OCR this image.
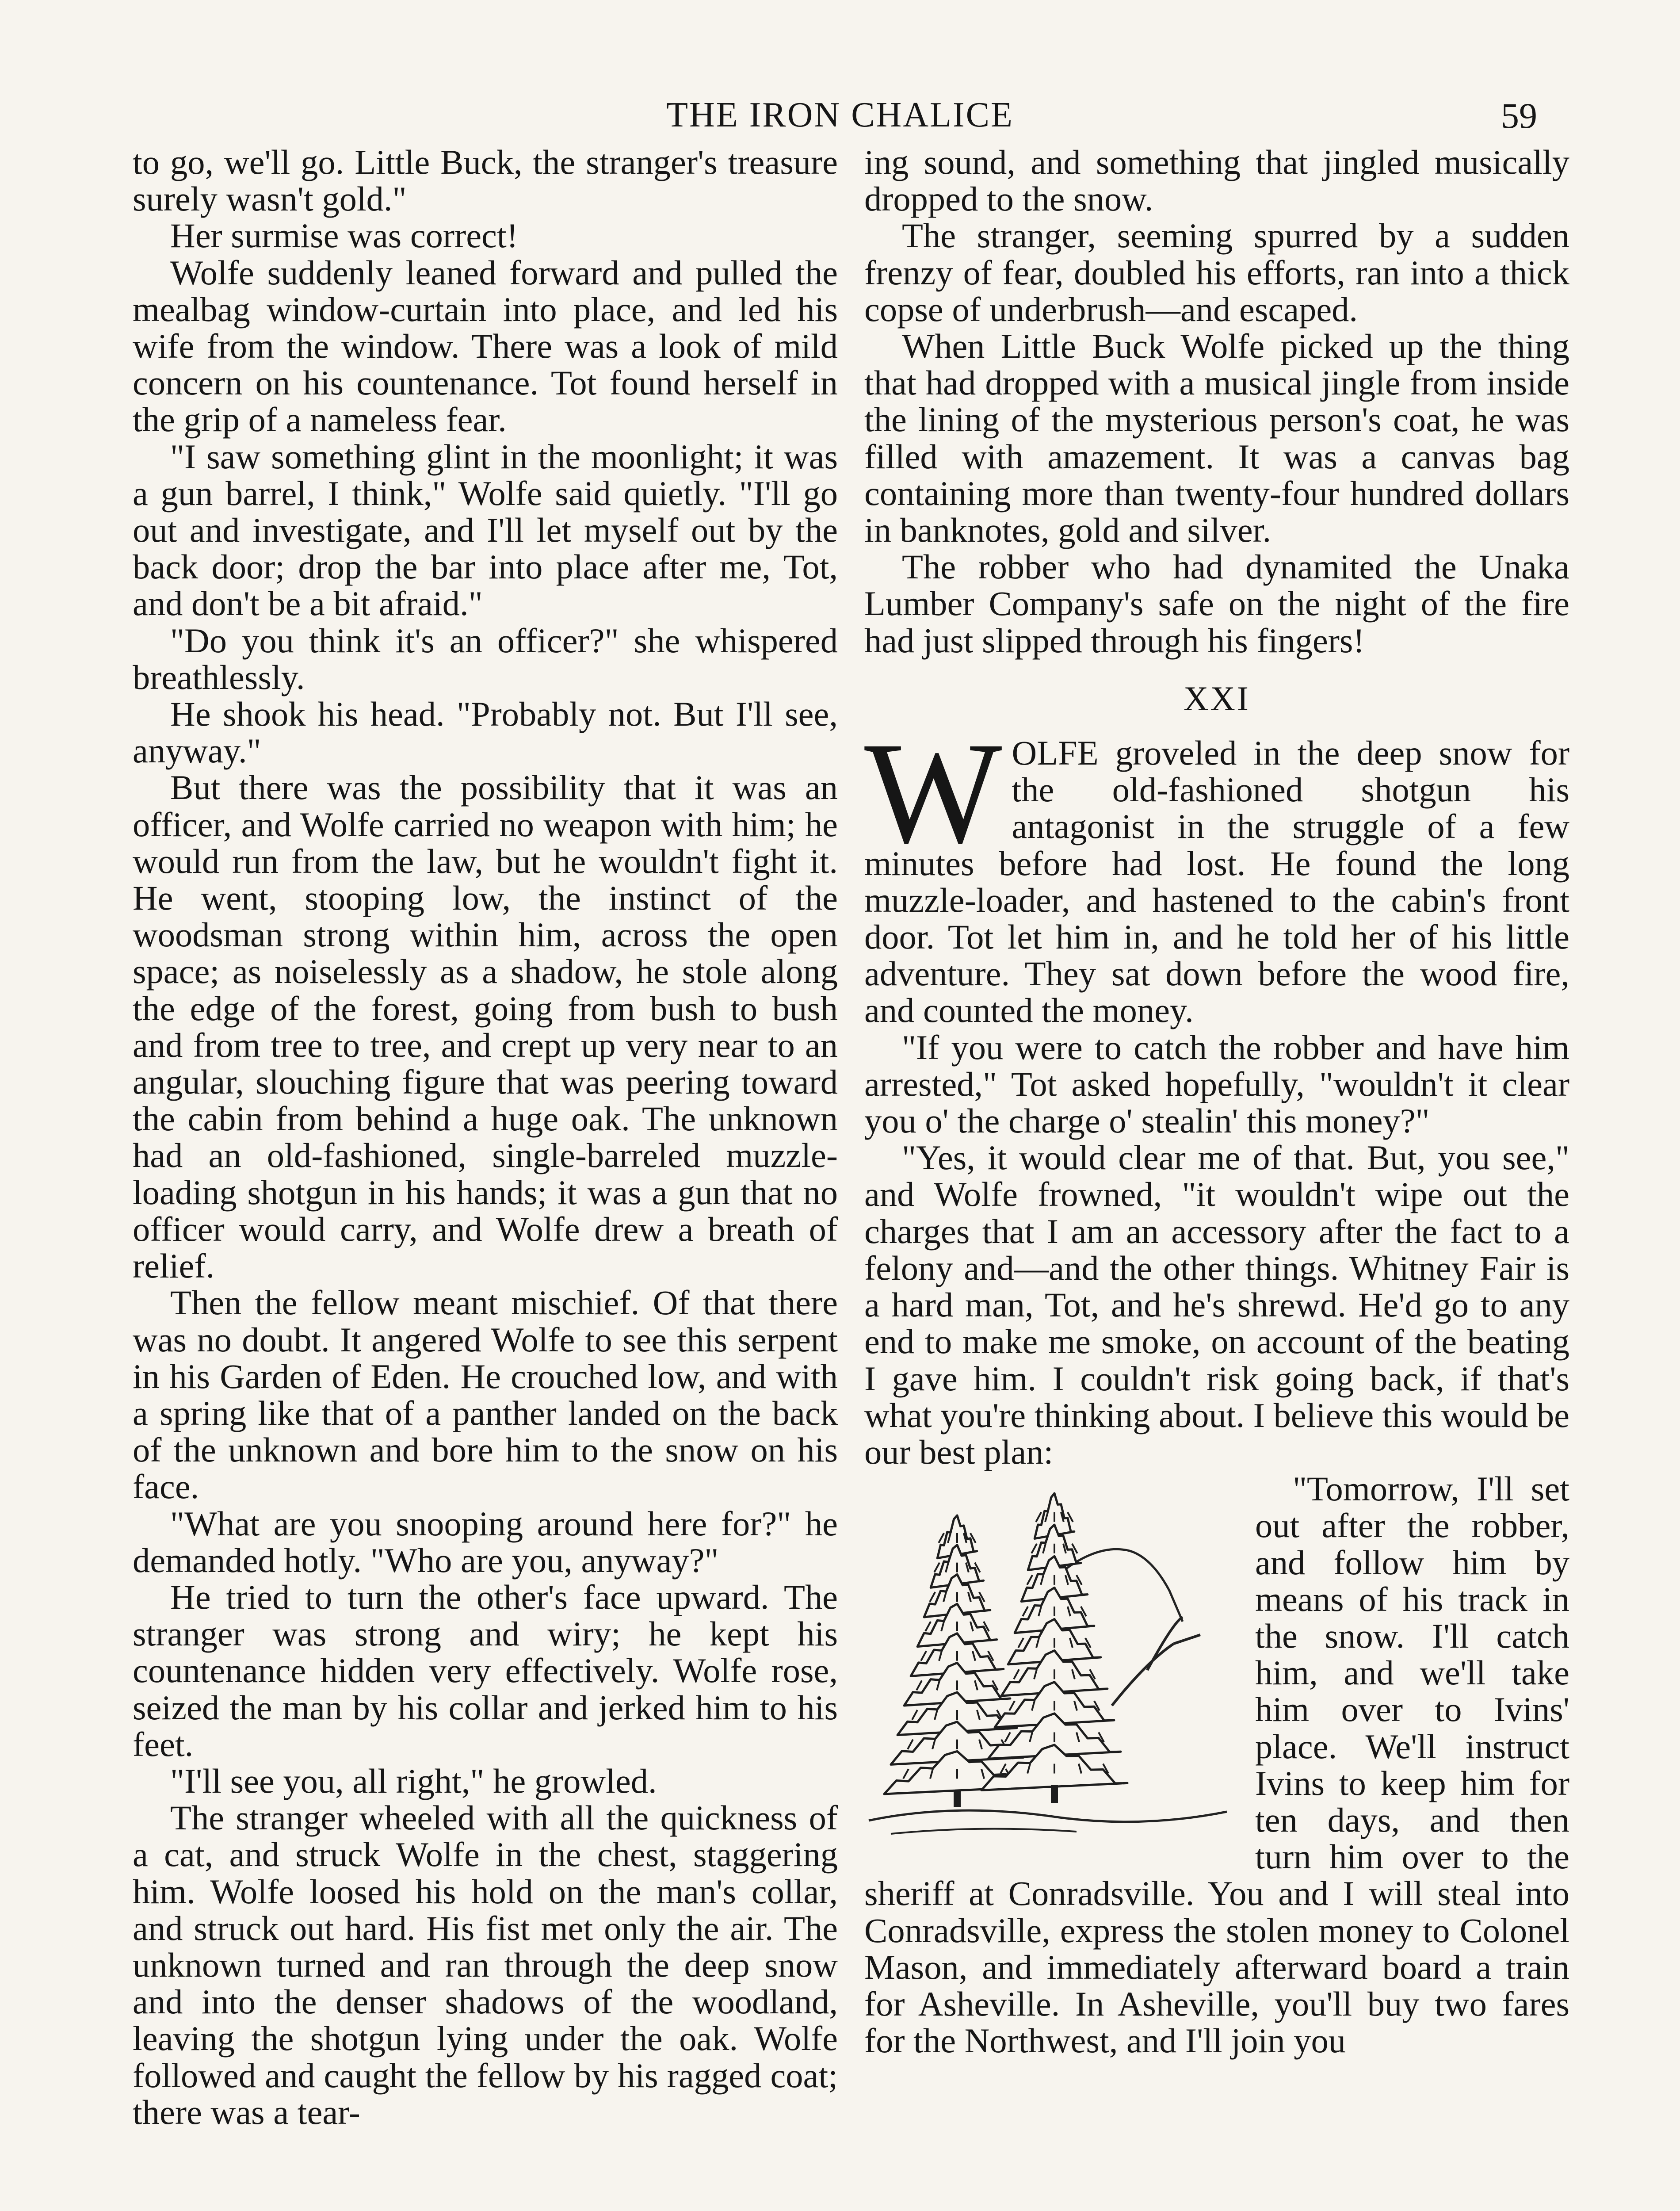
THE IRON CHALICE	59

to go, we'll go. Little Buck, the stranger's treasure surely wasn't gold."

Her surmise was correct!

Wolfe suddenly leaned forward and pulled the mealbag window-curtain into place, and led his wife from the window. There was a look of mild concern on his countenance. Tot found herself in the grip of a nameless fear.

"I saw something glint in the moonlight; it was a gun barrel, I think," Wolfe said quietly. "I'll go out and investigate, and I'll let myself out by the back door; drop the bar into place after me, Tot, and don't be a bit afraid."

"Do you think it's an officer?" she whispered breathlessly.

He shook his head. "Probably not. But I'll see, anyway."

But there was the possibility that it was an officer, and Wolfe carried no weapon with him; he would run from the law, but he wouldn't fight it. He went, stooping low, the instinct of the woodsman strong within him, across the open space; as noiselessly as a shadow, he stole along the edge of the forest, going from bush to bush and from tree to tree, and crept up very near to an angular, slouching figure that was peering toward the cabin from behind a huge oak. The unknown had an old-fashioned, single-barreled muzzle-loading shotgun in his hands; it was a gun that no officer would carry, and Wolfe drew a breath of relief.

Then the fellow meant mischief. Of that there was no doubt. It angered Wolfe to see this serpent in his Garden of Eden. He crouched low, and with a spring like that of a panther landed on the back of the unknown and bore him to the snow on his face.

"What are you snooping around here for?" he demanded hotly. "Who are you, anyway?"

He tried to turn the other's face upward. The stranger was strong and wiry; he kept his countenance hidden very effectively. Wolfe rose, seized the man by his collar and jerked him to his feet.

"I'll see you, all right," he growled.

The stranger wheeled with all the quickness of a cat, and struck Wolfe in the chest, staggering him. Wolfe loosed his hold on the man's collar, and struck out hard. His fist met only the air. The unknown turned and ran through the deep snow and into the denser shadows of the woodland, leaving the shotgun lying under the oak. Wolfe followed and caught the fellow by his ragged coat; there was a tear-

ing sound, and something that jingled musically dropped to the snow.

The stranger, seeming spurred by a sudden frenzy of fear, doubled his efforts, ran into a thick copse of underbrush—and escaped.

When Little Buck Wolfe picked up the thing that had dropped with a musical jingle from inside the lining of the mysterious person's coat, he was filled with amazement. It was a canvas bag containing more than twenty-four hundred dollars in banknotes, gold and silver.

The robber who had dynamited the Unaka Lumber Company's safe on the night of the fire had just slipped through his fingers!

XXI

WOLFE groveled in the deep snow for the old-fashioned shotgun his antagonist in the struggle of a few minutes before had lost. He found the long muzzle-loader, and hastened to the cabin's front door. Tot let him in, and he told her of his little adventure. They sat down before the wood fire, and counted the money.

"If you were to catch the robber and have him arrested," Tot asked hopefully, "wouldn't it clear you o' the charge o' stealin' this money?"

"Yes, it would clear me of that. But, you see," and Wolfe frowned, "it wouldn't wipe out the charges that I am an accessory after the fact to a felony and—and the other things. Whitney Fair is a hard man, Tot, and he's shrewd. He'd go to any end to make me smoke, on account of the beating I gave him. I couldn't risk going back, if that's what you're thinking about. I believe this would be our best plan:

"Tomorrow, I'll set out after the robber, and follow him by means of his track in the snow. I'll catch him, and we'll take him over to Ivins' place. We'll instruct Ivins to keep him for ten days, and then turn him over to the sheriff at Conradsville. You and I will steal into Conradsville, express the stolen money to Colonel Mason, and immediately afterward board a train for Asheville. In Asheville, you'll buy two fares for the Northwest, and I'll join you
